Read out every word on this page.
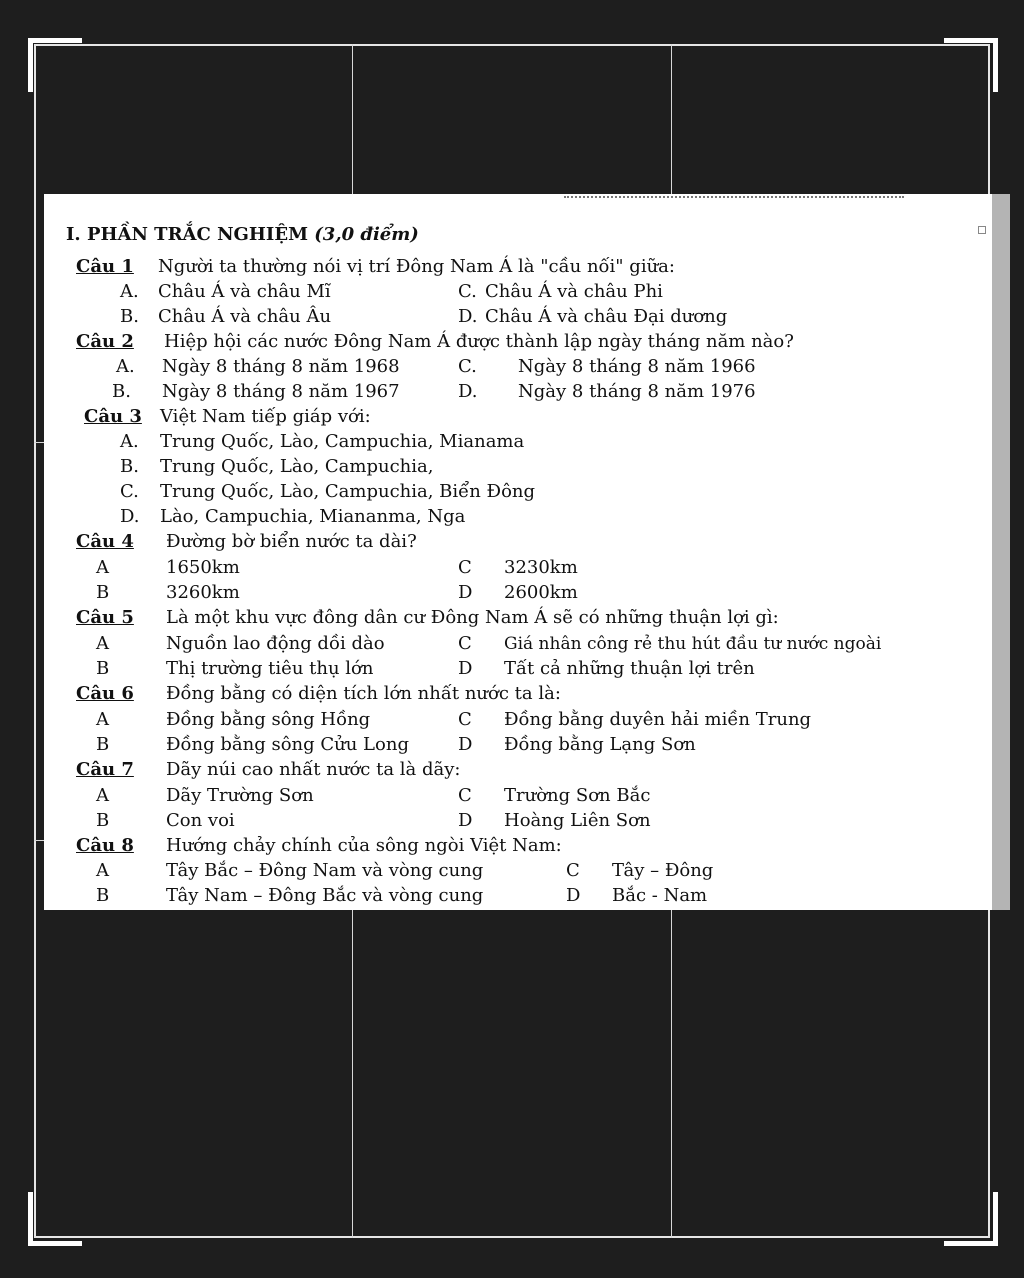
I. PHẦN TRẮC NGHIỆM (3,0 điểm)
Câu 1 Người ta thường nói vị trí Đông Nam Á là "cầu nối" giữa:
A. Châu Á và châu Mĩ	C. Châu Á và châu Phi
B. Châu Á và châu Âu	D. Châu Á và châu Đại dương
Câu 2 Hiệp hội các nước Đông Nam Á được thành lập ngày tháng năm nào?
A. Ngày 8 tháng 8 năm 1968	C. Ngày 8 tháng 8 năm 1966
B. Ngày 8 tháng 8 năm 1967	D. Ngày 8 tháng 8 năm 1976
Câu 3 Việt Nam tiếp giáp với:
A. Trung Quốc, Lào, Campuchia, Mianama
B. Trung Quốc, Lào, Campuchia,
C. Trung Quốc, Lào, Campuchia, Biển Đông
D. Lào, Campuchia, Miananma, Nga
Câu 4 Đường bờ biển nước ta dài?
A	1650km	C 3230km
B	3260km	D 2600km
Câu 5 Là một khu vực đông dân cư Đông Nam Á sẽ có những thuận lợi gì:
A	Nguồn lao động dồi dào	C Giá nhân công rẻ thu hút đầu tư nước ngoài
B	Thị trường tiêu thụ lớn	D Tất cả những thuận lợi trên
Câu 6 Đồng bằng có diện tích lớn nhất nước ta là:
A	Đồng bằng sông Hồng	C Đồng bằng duyên hải miền Trung
B	Đồng bằng sông Cửu Long	D Đồng bằng Lạng Sơn
Câu 7 Dãy núi cao nhất nước ta là dãy:
A	Dãy Trường Sơn	C Trường Sơn Bắc
B	Con voi	D Hoàng Liên Sơn
Câu 8 Hướng chảy chính của sông ngòi Việt Nam:
A	Tây Bắc – Đông Nam và vòng cung	C Tây – Đông
B	Tây Nam – Đông Bắc và vòng cung	D Bắc - Nam
